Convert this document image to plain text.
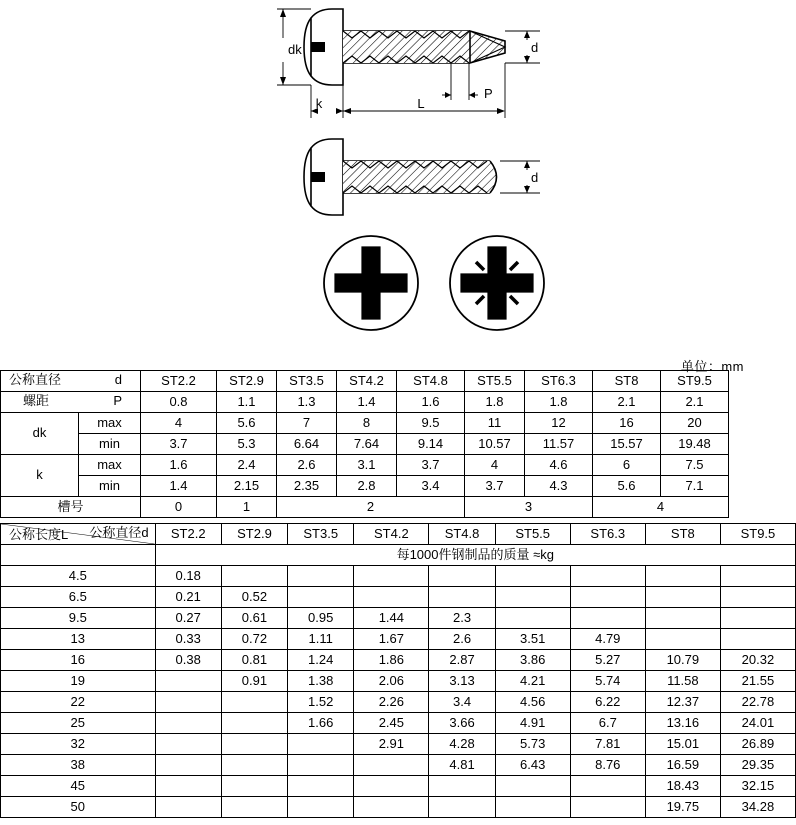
dk	d
k	L
P
d
单位：mm
公称直径 d		ST2.2	ST2.9	ST3.5	ST4.2	ST4.8	ST5.5	ST6.3	ST8	ST9.5

螺距 P		0.8	1.1	1.3	1.4	1.6	1.8	1.8	2.1	2.1
dk	max	4	5.6	7	8	9.5	11	12	16	20
	min	3.7	5.3	6.64	7.64	9.14	10.57	11.57	15.57	19.48
k	max	1.6	2.4	2.6	3.1	3.7	4	4.6	6	7.5
	min	1.4	2.15	2.35	2.8	3.4	3.7	4.3	5.6	7.1
槽号		0	1	2			3		4	
公称直径d
公称长度L	ST2.2	ST2.9	ST3.5	ST4.2	ST4.8	ST5.5	ST6.3	ST8	ST9.5
	每1000件钢制品的质量 ≈kg								
4.5	0.18								
6.5	0.21	0.52							
9.5	0.27	0.61	0.95	1.44	2.3				
13	0.33	0.72	1.11	1.67	2.6	3.51	4.79		
16	0.38	0.81	1.24	1.86	2.87	3.86	5.27	10.79	20.32
19		0.91	1.38	2.06	3.13	4.21	5.74	11.58	21.55
22			1.52	2.26	3.4	4.56	6.22	12.37	22.78
25			1.66	2.45	3.66	4.91	6.7	13.16	24.01
32				2.91	4.28	5.73	7.81	15.01	26.89
38					4.81	6.43	8.76	16.59	29.35
45								18.43	32.15
50								19.75	34.28
